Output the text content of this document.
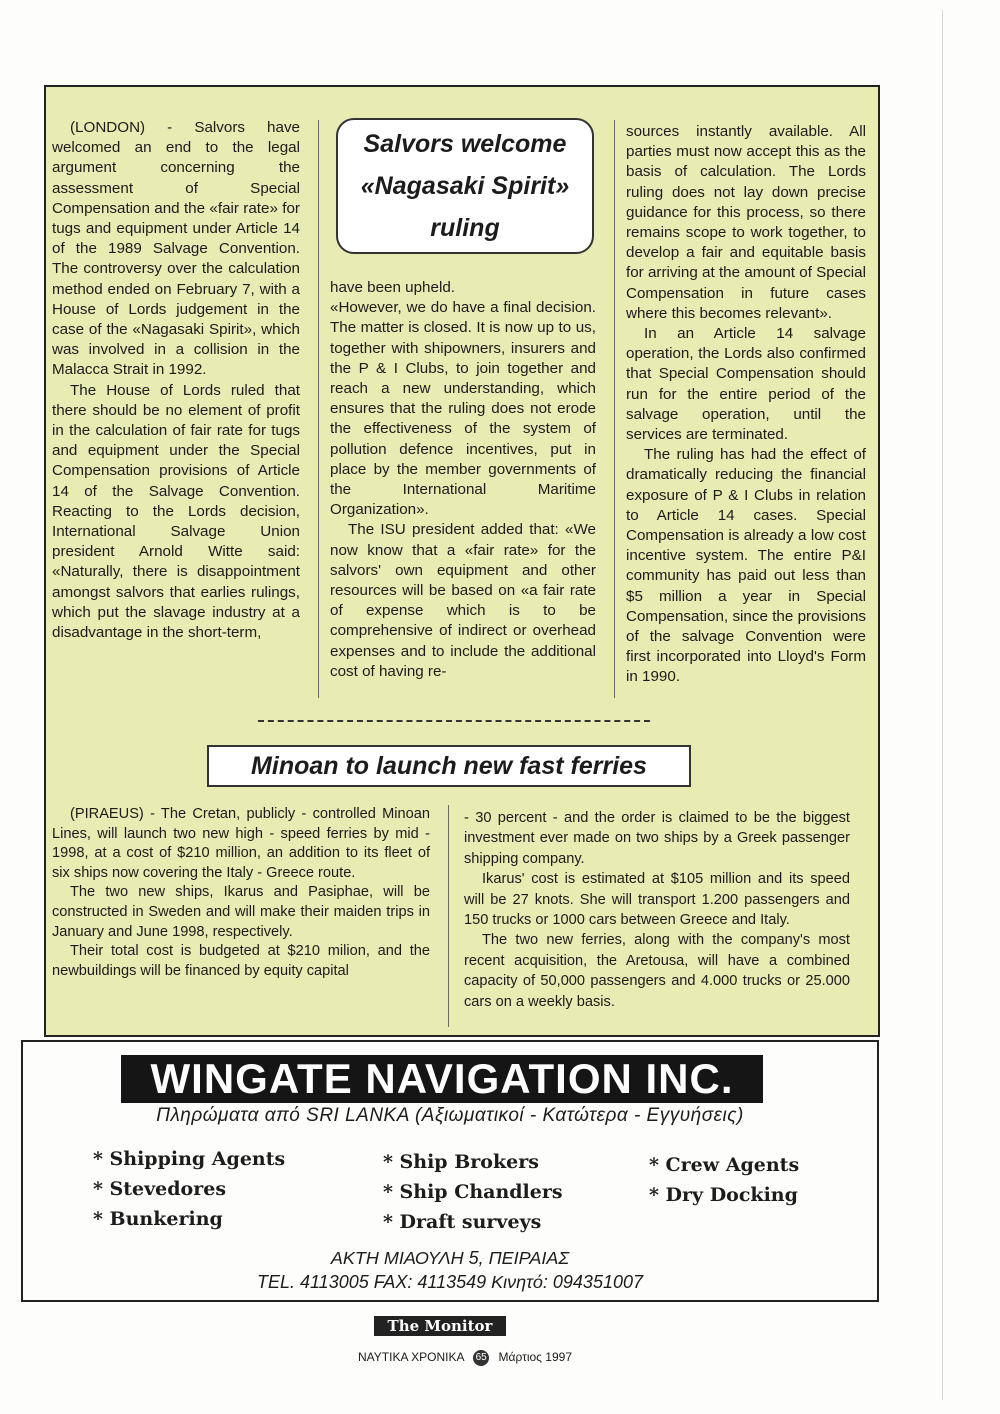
(LONDON) - Salvors have welcomed an end to the legal argument concerning the assessment of Special Compensation and the «fair rate» for tugs and equipment under Article 14 of the 1989 Salvage Convention. The controversy over the calculation method ended on February 7, with a House of Lords judgement in the case of the «Nagasaki Spirit», which was involved in a collision in the Malacca Strait in 1992.

The House of Lords ruled that there should be no element of profit in the calculation of fair rate for tugs and equipment under the Special Compensation provisions of Article 14 of the Salvage Convention. Reacting to the Lords decision, International Salvage Union president Arnold Witte said: «Naturally, there is disappointment amongst salvors that earlies rulings, which put the slavage industry at a disadvantage in the short-term,

Salvors welcome
«Nagasaki Spirit»
ruling

have been upheld.

«However, we do have a final decision. The matter is closed. It is now up to us, together with shipowners, insurers and the P & I Clubs, to join together and reach a new understanding, which ensures that the ruling does not erode the effectiveness of the system of pollution defence incentives, put in place by the member governments of the International Maritime Organization».

The ISU president added that: «We now know that a «fair rate» for the salvors' own equipment and other resources will be based on «a fair rate of expense which is to be comprehensive of indirect or overhead expenses and to include the additional cost of having re-

sources instantly available. All parties must now accept this as the basis of calculation. The Lords ruling does not lay down precise guidance for this process, so there remains scope to work together, to develop a fair and equitable basis for arriving at the amount of Special Compensation in future cases where this becomes relevant».

In an Article 14 salvage operation, the Lords also confirmed that Special Compensation should run for the entire period of the salvage operation, until the services are terminated.

The ruling has had the effect of dramatically reducing the financial exposure of P & I Clubs in relation to Article 14 cases. Special Compensation is already a low cost incentive system. The entire P&I community has paid out less than $5 million a year in Special Compensation, since the provisions of the salvage Convention were first incorporated into Lloyd's Form in 1990.

Minoan to launch new fast ferries

(PIRAEUS) - The Cretan, publicly - controlled Minoan Lines, will launch two new high - speed ferries by mid - 1998, at a cost of $210 million, an addition to its fleet of six ships now covering the Italy - Greece route.

The two new ships, Ikarus and Pasiphae, will be constructed in Sweden and will make their maiden trips in January and June 1998, respectively.

Their total cost is budgeted at $210 milion, and the newbuildings will be financed by equity capital

- 30 percent - and the order is claimed to be the biggest investment ever made on two ships by a Greek passenger shipping company.

Ikarus' cost is estimated at $105 million and its speed will be 27 knots. She will transport 1.200 passengers and 150 trucks or 1000 cars between Greece and Italy.

The two new ferries, along with the company's most recent acquisition, the Aretousa, will have a combined capacity of 50,000 passengers and 4.000 trucks or 25.000 cars on a weekly basis.

WINGATE NAVIGATION INC.
Πληρώματα από SRI LANKA (Αξιωματικοί - Κατώτερα - Εγγυήσεις)
* Shipping Agents
* Stevedores
* Bunkering
* Ship Brokers
* Ship Chandlers
* Draft surveys
* Crew Agents
* Dry Docking
ΑΚΤΗ ΜΙΑΟΥΛΗ 5, ΠΕΙΡΑΙΑΣ
TEL. 4113005 FAX: 4113549 Κινητό: 094351007
The Monitor
ΝΑΥΤΙΚΑ ΧΡΟΝΙΚΑ 65 Μάρτιος 1997
